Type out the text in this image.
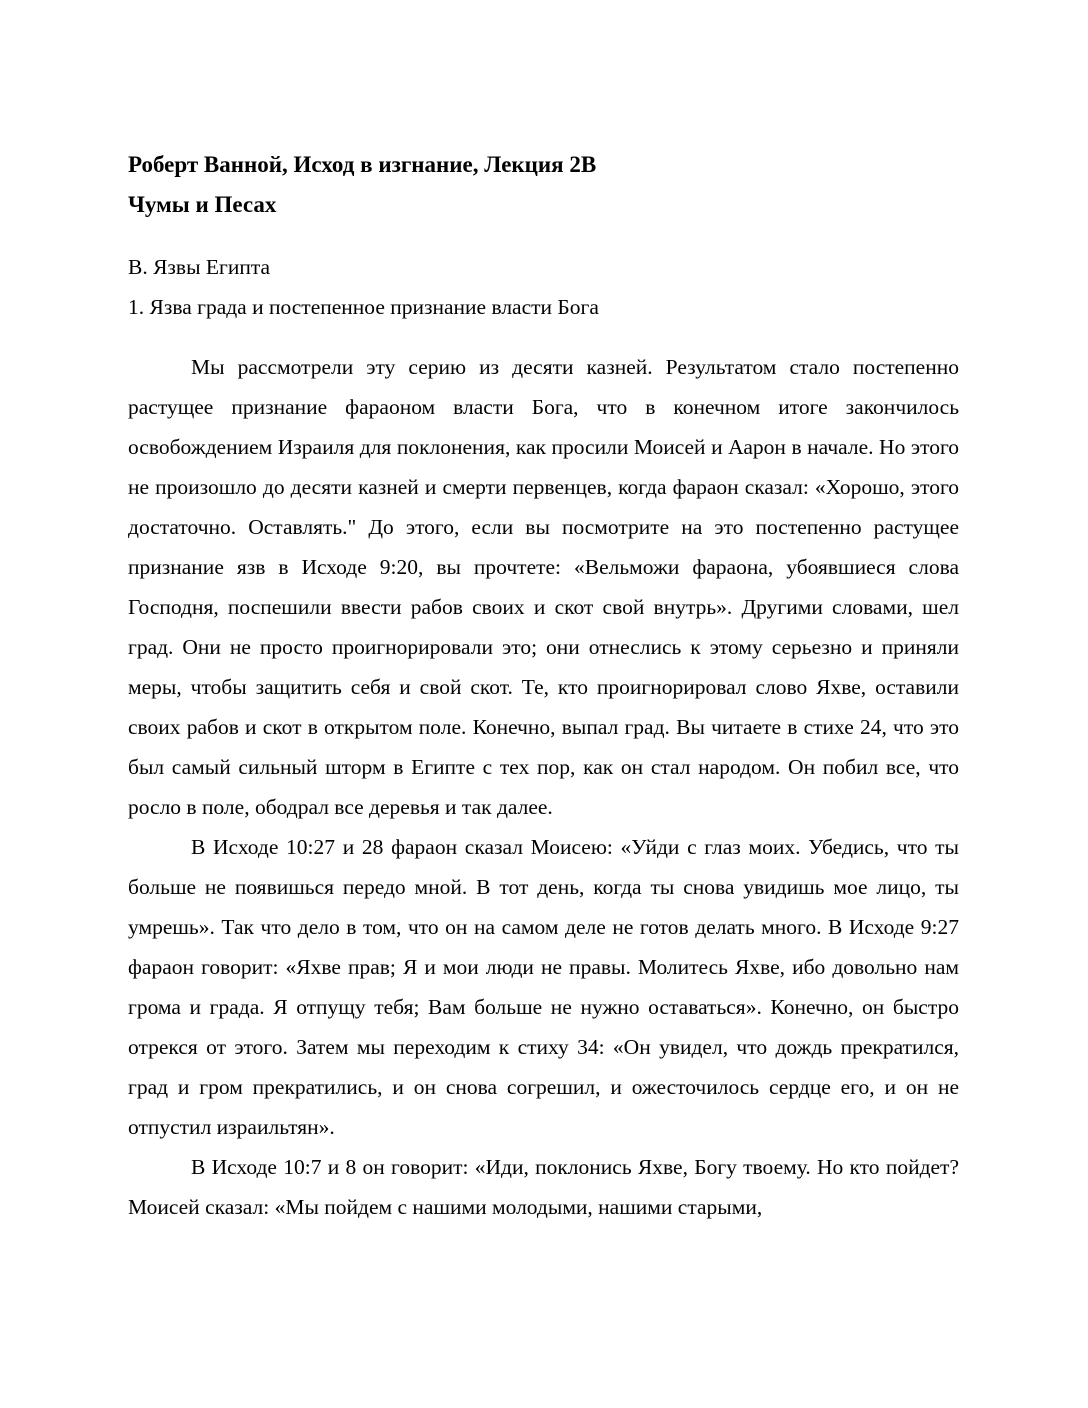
Роберт Ванной, Исход в изгнание, Лекция 2В

Чумы и Песах

В. Язвы Египта

1. Язва града и постепенное признание власти Бога

Мы рассмотрели эту серию из десяти казней. Результатом стало постепенно растущее признание фараоном власти Бога, что в конечном итоге закончилось освобождением Израиля для поклонения, как просили Моисей и Аарон в начале. Но этого не произошло до десяти казней и смерти первенцев, когда фараон сказал: «Хорошо, этого достаточно. Оставлять." До этого, если вы посмотрите на это постепенно растущее признание язв в Исходе 9:20, вы прочтете: «Вельможи фараона, убоявшиеся слова Господня, поспешили ввести рабов своих и скот свой внутрь». Другими словами, шел град. Они не просто проигнорировали это; они отнеслись к этому серьезно и приняли меры, чтобы защитить себя и свой скот. Те, кто проигнорировал слово Яхве, оставили своих рабов и скот в открытом поле. Конечно, выпал град. Вы читаете в стихе 24, что это был самый сильный шторм в Египте с тех пор, как он стал народом. Он побил все, что росло в поле, ободрал все деревья и так далее.

В Исходе 10:27 и 28 фараон сказал Моисею: «Уйди с глаз моих. Убедись, что ты больше не появишься передо мной. В тот день, когда ты снова увидишь мое лицо, ты умрешь». Так что дело в том, что он на самом деле не готов делать много. В Исходе 9:27 фараон говорит: «Яхве прав; Я и мои люди не правы. Молитесь Яхве, ибо довольно нам грома и града. Я отпущу тебя; Вам больше не нужно оставаться». Конечно, он быстро отрекся от этого. Затем мы переходим к стиху 34: «Он увидел, что дождь прекратился, град и гром прекратились, и он снова согрешил, и ожесточилось сердце его, и он не отпустил израильтян».

В Исходе 10:7 и 8 он говорит: «Иди, поклонись Яхве, Богу твоему. Но кто пойдет? Моисей сказал: «Мы пойдем с нашими молодыми, нашими старыми,
